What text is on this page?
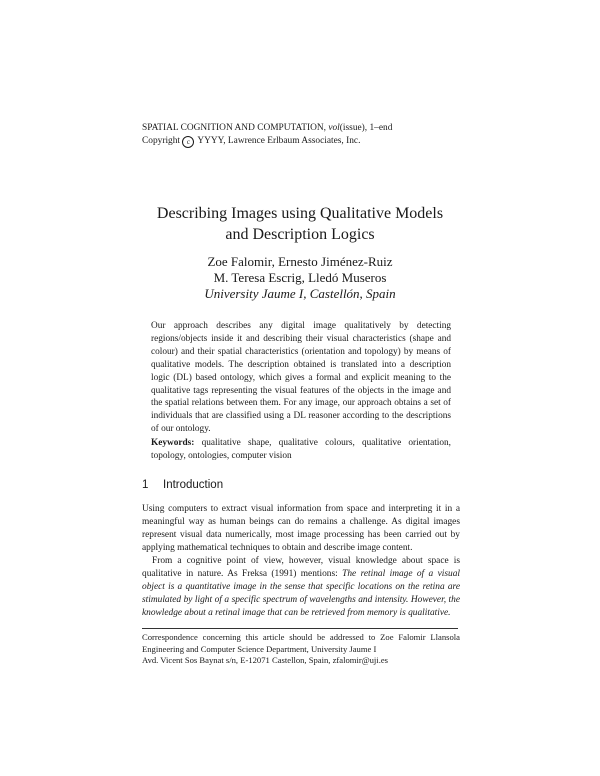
SPATIAL COGNITION AND COMPUTATION, vol(issue), 1–end
Copyright c YYYY, Lawrence Erlbaum Associates, Inc.
Describing Images using Qualitative Models
and Description Logics
Zoe Falomir, Ernesto Jiménez-Ruiz
M. Teresa Escrig, Lledó Museros
University Jaume I, Castellón, Spain
Our approach describes any digital image qualitatively by detecting regions/objects inside it and describing their visual characteristics (shape and colour) and their spatial characteristics (orientation and topology) by means of qualitative models. The description obtained is translated into a description logic (DL) based ontology, which gives a formal and explicit meaning to the qualitative tags representing the visual features of the objects in the image and the spatial relations between them. For any image, our approach obtains a set of individuals that are classified using a DL reasoner according to the descriptions of our ontology.
Keywords: qualitative shape, qualitative colours, qualitative orientation, topology, ontologies, computer vision
1 Introduction

Using computers to extract visual information from space and interpreting it in a meaningful way as human beings can do remains a challenge. As digital images represent visual data numerically, most image processing has been carried out by applying mathematical techniques to obtain and describe image content.

From a cognitive point of view, however, visual knowledge about space is qualitative in nature. As Freksa (1991) mentions: The retinal image of a visual object is a quantitative image in the sense that specific locations on the retina are stimulated by light of a specific spectrum of wavelengths and intensity. However, the knowledge about a retinal image that can be retrieved from memory is qualitative.

Correspondence concerning this article should be addressed to Zoe Falomir Llansola Engineering and Computer Science Department, University Jaume I

Avd. Vicent Sos Baynat s/n, E-12071 Castellon, Spain, zfalomir@uji.es
